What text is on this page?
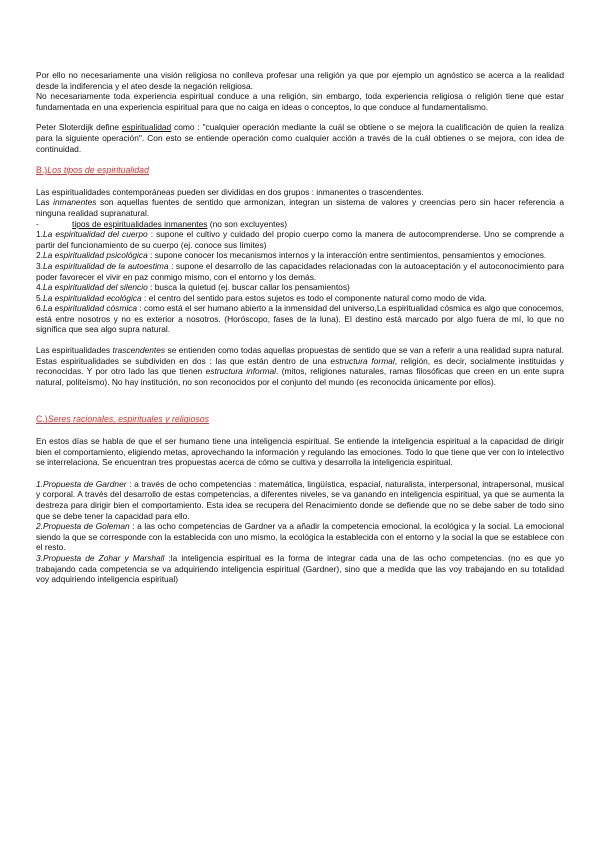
Por ello no necesariamente una visión religiosa no conlleva profesar una religión ya que por ejemplo un agnóstico se acerca a la realidad desde la indiferencia y el ateo desde la negación religiosa.

No necesariamente toda experiencia espiritual conduce a una religión, sin embargo, toda experiencia religiosa o religión tiene que estar fundamentada en una experiencia espiritual para que no caiga en ideas o conceptos, lo que conduce al fundamentalismo.

Peter Sloterdijk define espiritualidad como : "cualquier operación mediante la cuál se obtiene o se mejora la cualificación de quien la realiza para la siguiente operación". Con esto se entiende operación como cualquier acción a través de la cuál obtienes o se mejora, con idea de continuidad.

B.)Los tipos de espiritualidad

Las espiritualidades contemporáneas pueden ser divididas en dos grupos : inmanentes o trascendentes.

Las inmanentes son aquellas fuentes de sentido que armonizan, integran un sistema de valores y creencias pero sin hacer referencia a ninguna realidad supranatural.

-	tipos de espiritualidades inmanentes (no son excluyentes)

1.La espiritualidad del cuerpo : supone el cultivo y cuidado del propio cuerpo como la manera de autocomprenderse. Uno se comprende a partir del funcionamiento de su cuerpo (ej. conoce sus límites)

2.La espiritualidad psicológica : supone conocer los mecanismos internos y la interacción entre sentimientos, pensamientos y emociones.

3.La espiritualidad de la autoestima : supone el desarrollo de las capacidades relacionadas con la autoaceptación y el autoconocimiento para poder favorecer el vivir en paz conmigo mismo, con el entorno y los demás.

4.La espiritualidad del silencio : busca la quietud (ej. buscar callar los pensamientos)

5.La espiritualidad ecológica : el centro del sentido para estos sujetos es todo el componente natural como modo de vida.

6.La espiritualidad cósmica : como está el ser humano abierto a la inmensidad del universo,La espiritualidad cósmica es algo que conocemos, está entre nosotros y no es exterior a nosotros. (Horóscopo, fases de la luna). El destino está marcado por algo fuera de mí, lo que no significa que sea algo supra natural.

Las espiritualidades trascendentes se entienden como todas aquellas propuestas de sentido que se van a referir a una realidad supra natural. Estas espiritualidades se subdividen en dos : las que están dentro de una estructura formal, religión, es decir, socialmente instituidas y reconocidas. Y por otro lado las que tienen estructura informal. (mitos, religiones naturales, ramas filosóficas que creen en un ente supra natural, politeísmo). No hay institución, no son reconocidos por el conjunto del mundo (es reconocida únicamente por ellos).

C.)Seres racionales, espirituales y religiosos

En estos días se habla de que el ser humano tiene una inteligencia espiritual. Se entiende la inteligencia espiritual a la capacidad de dirigir bien el comportamiento, eligiendo metas, aprovechando la información y regulando las emociones. Todo lo que tiene que ver con lo intelectivo se interrelaciona. Se encuentran tres propuestas acerca de cómo se cultiva y desarrolla la inteligencia espiritual.

1.Propuesta de Gardner : a través de ocho competencias : matemática, lingüística, espacial, naturalista, interpersonal, intrapersonal, musical y corporal. A través del desarrollo de estas competencias, a diferentes niveles, se va ganando en inteligencia espiritual, ya que se aumenta la destreza para dirigir bien el comportamiento. Esta idea se recupera del Renacimiento donde se defiende que no se debe saber de todo sino que se debe tener la capacidad para ello.

2.Propuesta de Goleman : a las ocho competencias de Gardner va a añadir la competencia emocional, la ecológica y la social. La emocional siendo la que se corresponde con la establecida con uno mismo, la ecológica la establecida con el entorno y la social la que se establece con el resto.

3.Propuesta de Zohar y Marshall :la inteligencia espiritual es la forma de integrar cada una de las ocho competencias. (no es que yo trabajando cada competencia se va adquiriendo inteligencia espiritual (Gardner), sino que a medida que las voy trabajando en su totalidad voy adquiriendo inteligencia espiritual)
